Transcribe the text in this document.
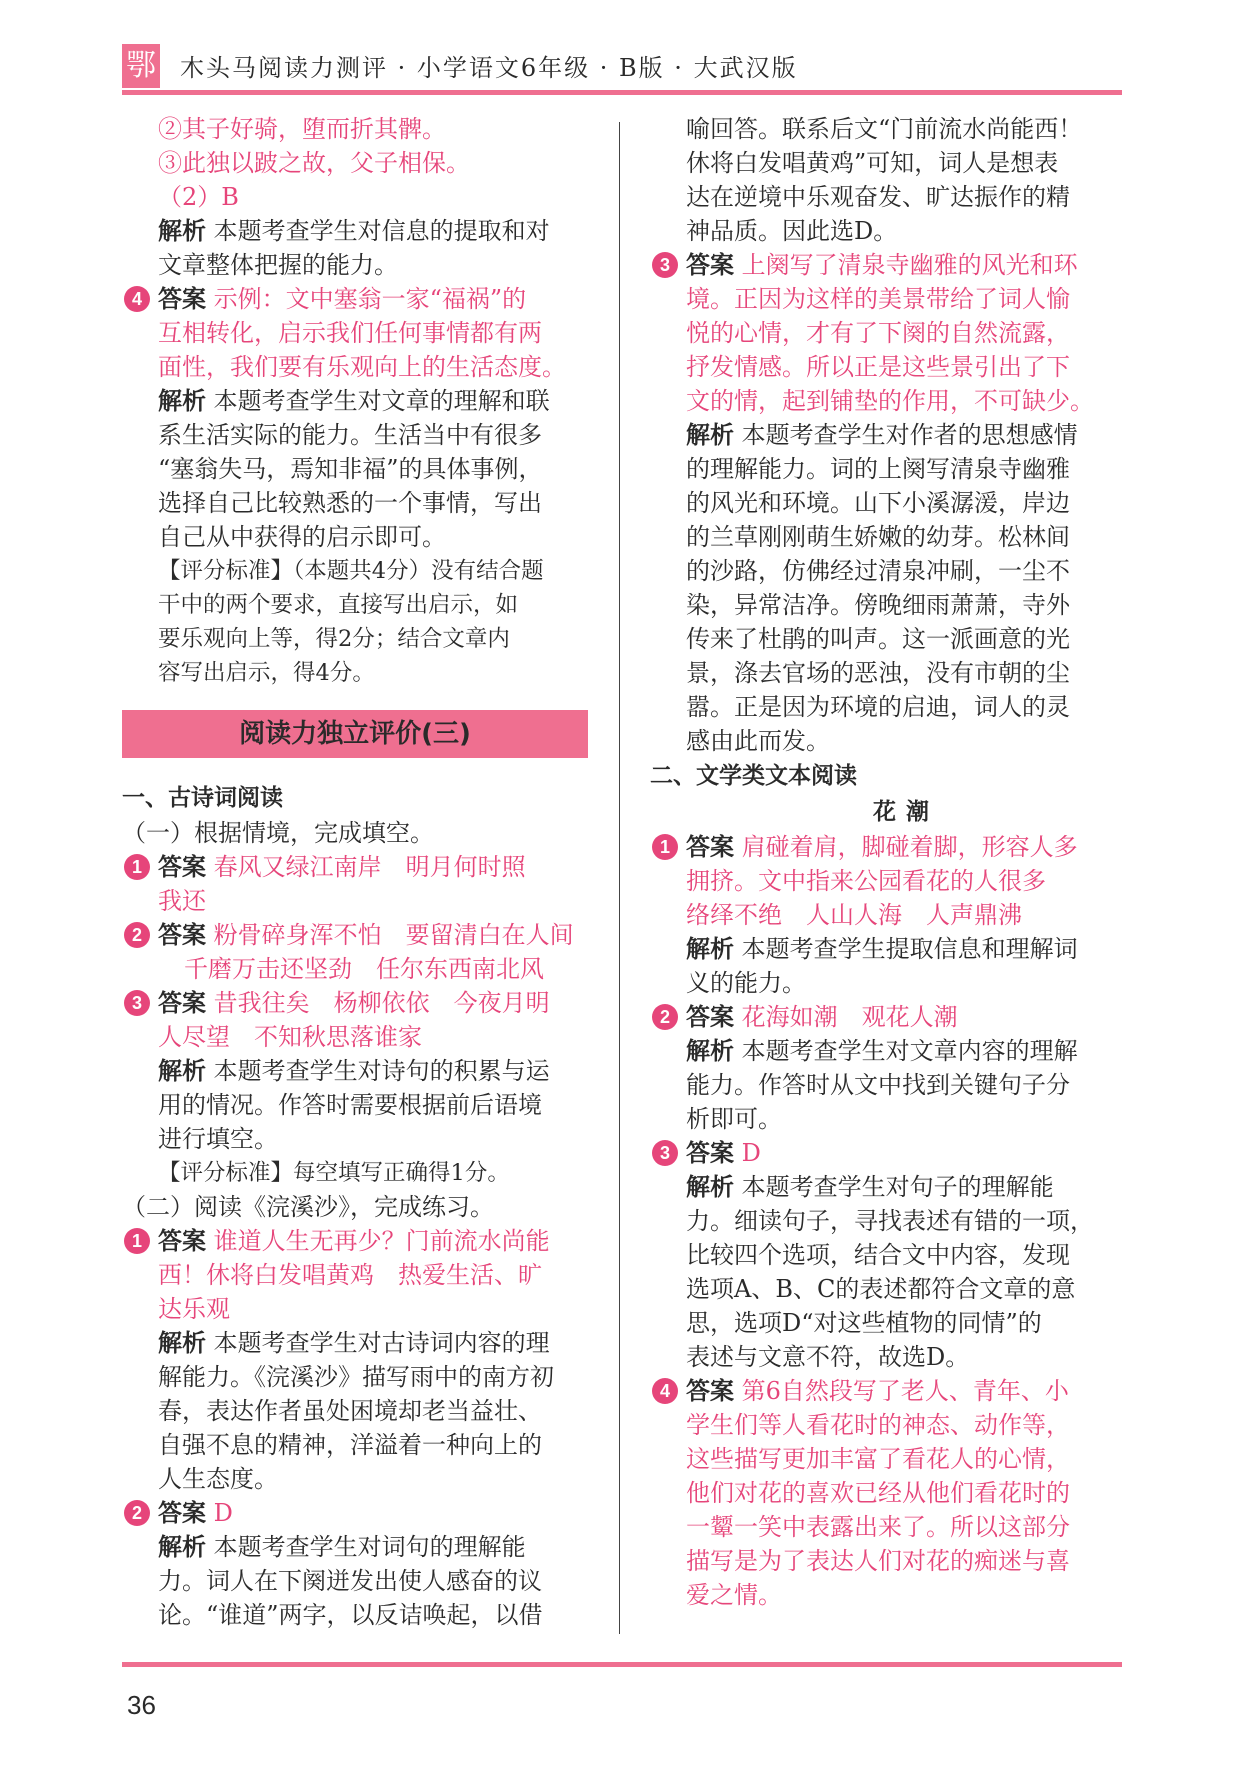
鄂 木头马阅读力测评 · 小学语文6年级 · B版 · 大武汉版
②其子好骑，堕而折其髀。
③此独以跛之故，父子相保。
（2）B
解析 本题考查学生对信息的提取和对
文章整体把握的能力。
4 答案 示例：文中塞翁一家“福祸”的
互相转化，启示我们任何事情都有两
面性，我们要有乐观向上的生活态度。
解析 本题考查学生对文章的理解和联
系生活实际的能力。生活当中有很多
“塞翁失马，焉知非福”的具体事例，
选择自己比较熟悉的一个事情，写出
自己从中获得的启示即可。
【评分标准】（本题共4分）没有结合题
干中的两个要求，直接写出启示，如
要乐观向上等，得2分；结合文章内
容写出启示，得4分。
阅读力独立评价(三)
一、古诗词阅读
（一）根据情境，完成填空。
1 答案 春风又绿江南岸　明月何时照
我还
2 答案 粉骨碎身浑不怕　要留清白在人间
千磨万击还坚劲　任尔东西南北风
3 答案 昔我往矣　杨柳依依　今夜月明
人尽望　不知秋思落谁家
解析 本题考查学生对诗句的积累与运
用的情况。作答时需要根据前后语境
进行填空。
【评分标准】每空填写正确得1分。
（二）阅读《浣溪沙》，完成练习。
1 答案 谁道人生无再少？门前流水尚能
西！休将白发唱黄鸡　热爱生活、旷
达乐观
解析 本题考查学生对古诗词内容的理
解能力。《浣溪沙》描写雨中的南方初
春，表达作者虽处困境却老当益壮、
自强不息的精神，洋溢着一种向上的
人生态度。
2 答案 D
解析 本题考查学生对词句的理解能
力。词人在下阕迸发出使人感奋的议
论。“谁道”两字，以反诘唤起，以借
喻回答。联系后文“门前流水尚能西！
休将白发唱黄鸡”可知，词人是想表
达在逆境中乐观奋发、旷达振作的精
神品质。因此选D。
3 答案 上阕写了清泉寺幽雅的风光和环
境。正因为这样的美景带给了词人愉
悦的心情，才有了下阕的自然流露，
抒发情感。所以正是这些景引出了下
文的情，起到铺垫的作用，不可缺少。
解析 本题考查学生对作者的思想感情
的理解能力。词的上阕写清泉寺幽雅
的风光和环境。山下小溪潺湲，岸边
的兰草刚刚萌生娇嫩的幼芽。松林间
的沙路，仿佛经过清泉冲刷，一尘不
染，异常洁净。傍晚细雨萧萧，寺外
传来了杜鹃的叫声。这一派画意的光
景，涤去官场的恶浊，没有市朝的尘
嚣。正是因为环境的启迪，词人的灵
感由此而发。
二、文学类文本阅读
花潮
1 答案 肩碰着肩，脚碰着脚，形容人多
拥挤。文中指来公园看花的人很多
络绎不绝　人山人海　人声鼎沸
解析 本题考查学生提取信息和理解词
义的能力。
2 答案 花海如潮　观花人潮
解析 本题考查学生对文章内容的理解
能力。作答时从文中找到关键句子分
析即可。
3 答案 D
解析 本题考查学生对句子的理解能
力。细读句子，寻找表述有错的一项，
比较四个选项，结合文中内容，发现
选项A、B、C的表述都符合文章的意
思，选项D“对这些植物的同情”的
表述与文意不符，故选D。
4 答案 第6自然段写了老人、青年、小
学生们等人看花时的神态、动作等，
这些描写更加丰富了看花人的心情，
他们对花的喜欢已经从他们看花时的
一颦一笑中表露出来了。所以这部分
描写是为了表达人们对花的痴迷与喜
爱之情。
36
